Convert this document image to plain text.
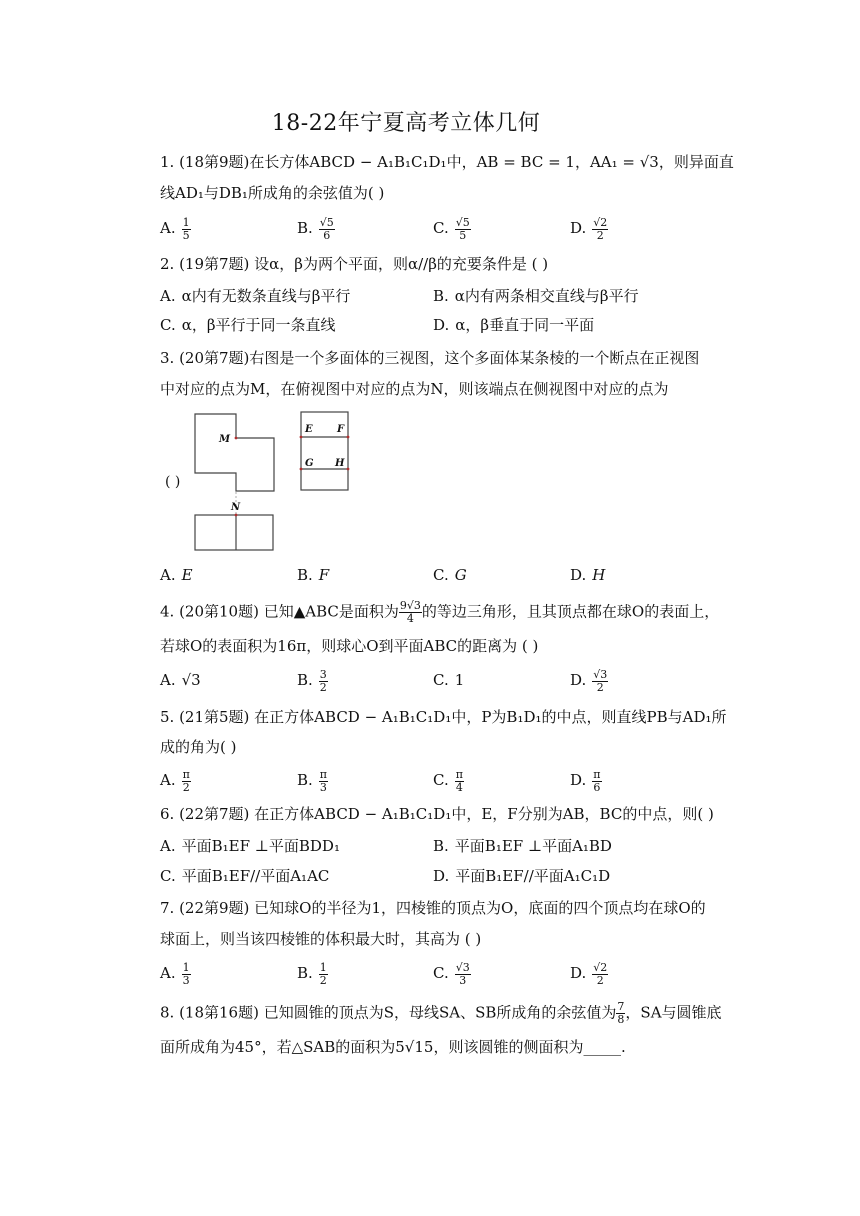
18-22年宁夏高考立体几何
1. (18第9题)在长方体ABCD − A₁B₁C₁D₁中，AB = BC = 1，AA₁ = √3，则异面直
线AD₁与DB₁所成角的余弦值为( )
A. $\frac{1}{5}$	B. $\frac{√5}{6}$	C. $\frac{√5}{5}$	D. $\frac{√2}{2}$
2. (19第7题) 设α，β为两个平面，则α//β的充要条件是 ( )
A. α内有无数条直线与β平行	B. α内有两条相交直线与β平行
C. α，β平行于同一条直线	D. α，β垂直于同一平面
3. (20第7题)右图是一个多面体的三视图，这个多面体某条棱的一个断点在正视图
中对应的点为M，在俯视图中对应的点为N，则该端点在侧视图中对应的点为
( )
M
N
E F
G H
A. E	B. F	C. G	D. H
4. (20第10题) 已知▲ABC是面积为 $\frac{9√3}{4}$ 的等边三角形，且其顶点都在球O的表面上，
若球O的表面积为16π，则球心O到平面ABC的距离为 ( )
A. √3	B. $\frac{3}{2}$	C. 1	D. $\frac{√3}{2}$
5. (21第5题) 在正方体ABCD − A₁B₁C₁D₁中，P为B₁D₁的中点，则直线PB与AD₁所
成的角为( )
A. $\frac{\pi}{2}$	B. $\frac{\pi}{3}$	C. $\frac{\pi}{4}$	D. $\frac{\pi}{6}$
6. (22第7题) 在正方体ABCD − A₁B₁C₁D₁中，E，F分别为AB，BC的中点，则( )
A. 平面B₁EF ⊥平面BDD₁	B. 平面B₁EF ⊥平面A₁BD
C. 平面B₁EF//平面A₁AC	D. 平面B₁EF//平面A₁C₁D
7. (22第9题) 已知球O的半径为1，四棱锥的顶点为O，底面的四个顶点均在球O的
球面上，则当该四棱锥的体积最大时，其高为 ( )
A. $\frac{1}{3}$	B. $\frac{1}{2}$	C. $\frac{√3}{3}$	D. $\frac{√2}{2}$
8. (18第16题) 已知圆锥的顶点为S，母线SA、SB所成角的余弦值为 $\frac{7}{8}$ ，SA与圆锥底
面所成角为45°，若△SAB的面积为5√15，则该圆锥的侧面积为_____.
